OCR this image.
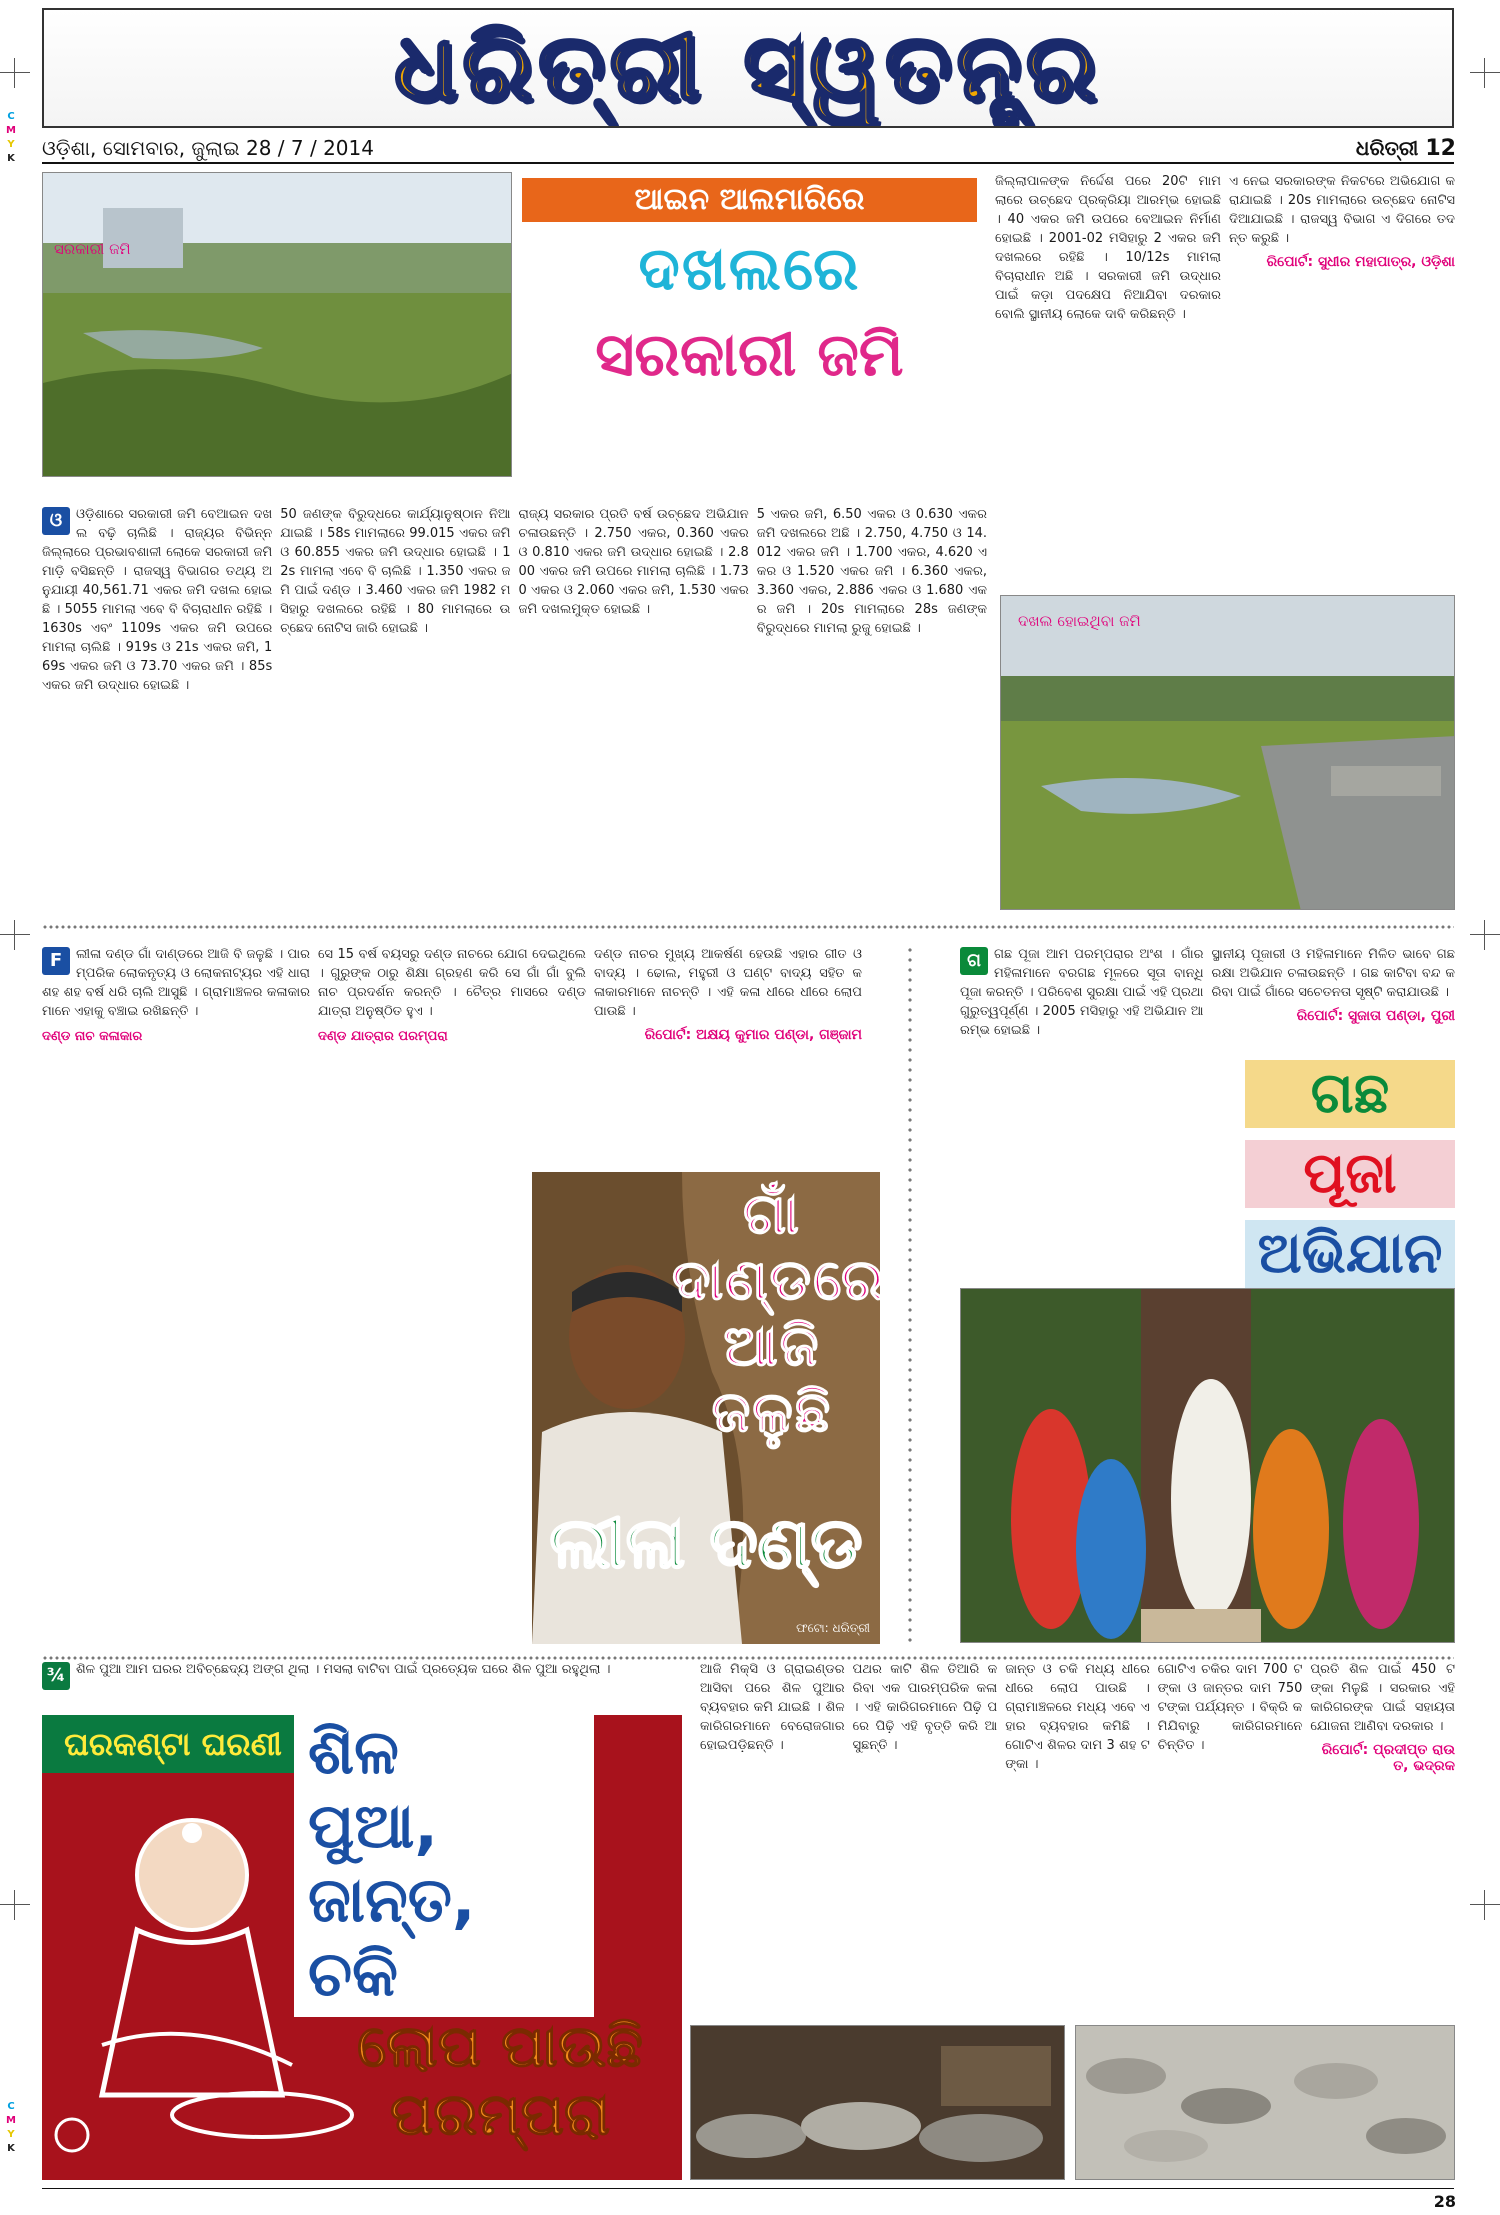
C
M
Y
K
C
M
Y
K
ଧରିତ୍ରୀ ସ୍ୱତନ୍ତ୍ର
ଓଡ଼ିଶା, ସୋମବାର, ଜୁଲାଇ 28 / 7 / 2014	ଧରିତ୍ରୀ 12
ସରକାରୀ ଜମି
ଆଇନ ଆଲମାରିରେ
ଦଖଲରେ
ସରକାରୀ ଜମି
ଓ	ଓଡ଼ିଶାରେ ସରକାରୀ ଜମି ବେଆଇନ ଦଖଲ ବଢ଼ି ଚାଲିଛି । ରାଜ୍ୟର ବିଭିନ୍ନ ଜିଲ୍ଲାରେ ପ୍ରଭାବଶାଳୀ ଲୋକେ ସରକାରୀ ଜମି ମାଡ଼ି ବସିଛନ୍ତି । ରାଜସ୍ୱ ବିଭାଗର ତଥ୍ୟ ଅନୁଯାୟୀ 40,561.71 ଏକର ଜମି ଦଖଲ ହୋଇଛି । 5055 ମାମଲା ଏବେ ବି ବିଚାରାଧୀନ ରହିଛି । 1630s ଏବଂ 1109s ଏକର ଜମି ଉପରେ ମାମଲା ଚାଲିଛି । 919s ଓ 21s ଏକର ଜମି, 169s ଏକର ଜମି ଓ 73.70 ଏକର ଜମି । 85s ଏକର ଜମି ଉଦ୍ଧାର ହୋଇଛି ।
50 ଜଣଙ୍କ ବିରୁଦ୍ଧରେ କାର୍ଯ୍ୟାନୁଷ୍ଠାନ ନିଆଯାଇଛି । 58s ମାମଲାରେ 99.015 ଏକର ଜମି ଓ 60.855 ଏକର ଜମି ଉଦ୍ଧାର ହୋଇଛି । 12s ମାମଲା ଏବେ ବି ଚାଲିଛି । 1.350 ଏକର ଜମି ପାଇଁ ଦଣ୍ଡ । 3.460 ଏକର ଜମି 1982 ମସିହାରୁ ଦଖଲରେ ରହିଛି । 80 ମାମଲାରେ ଉଚ୍ଛେଦ ନୋଟିସ ଜାରି ହୋଇଛି ।
ରାଜ୍ୟ ସରକାର ପ୍ରତି ବର୍ଷ ଉଚ୍ଛେଦ ଅଭିଯାନ ଚଳାଉଛନ୍ତି । 2.750 ଏକର, 0.360 ଏକର ଓ 0.810 ଏକର ଜମି ଉଦ୍ଧାର ହୋଇଛି । 2.800 ଏକର ଜମି ଉପରେ ମାମଲା ଚାଲିଛି । 1.730 ଏକର ଓ 2.060 ଏକର ଜମି, 1.530 ଏକର ଜମି ଦଖଲମୁକ୍ତ ହୋଇଛି ।
5 ଏକର ଜମି, 6.50 ଏକର ଓ 0.630 ଏକର ଜମି ଦଖଲରେ ଅଛି । 2.750, 4.750 ଓ 14.012 ଏକର ଜମି । 1.700 ଏକର, 4.620 ଏକର ଓ 1.520 ଏକର ଜମି । 6.360 ଏକର, 3.360 ଏକର, 2.886 ଏକର ଓ 1.680 ଏକର ଜମି । 20s ମାମଲାରେ 28s ଜଣଙ୍କ ବିରୁଦ୍ଧରେ ମାମଲା ରୁଜୁ ହୋଇଛି ।
ଜିଲ୍ଲାପାଳଙ୍କ ନିର୍ଦ୍ଦେଶ ପରେ 20ଟି ମାମଲାରେ ଉଚ୍ଛେଦ ପ୍ରକ୍ରିୟା ଆରମ୍ଭ ହୋଇଛି । 40 ଏକର ଜମି ଉପରେ ବେଆଇନ ନିର୍ମାଣ ହୋଇଛି । 2001-02 ମସିହାରୁ 2 ଏକର ଜମି ଦଖଲରେ ରହିଛି । 10/12s ମାମଲା ବିଚାରାଧୀନ ଅଛି । ସରକାରୀ ଜମି ଉଦ୍ଧାର ପାଇଁ କଡ଼ା ପଦକ୍ଷେପ ନିଆଯିବା ଦରକାର ବୋଲି ସ୍ଥାନୀୟ ଲୋକେ ଦାବି କରିଛନ୍ତି ।
ଏ ନେଇ ସରକାରଙ୍କ ନିକଟରେ ଅଭିଯୋଗ କରାଯାଇଛି । 20s ମାମଲାରେ ଉଚ୍ଛେଦ ନୋଟିସ ଦିଆଯାଇଛି । ରାଜସ୍ୱ ବିଭାଗ ଏ ଦିଗରେ ତଦନ୍ତ କରୁଛି ।
ରିପୋର୍ଟ: ସୁଧୀର ମହାପାତ୍ର, ଓଡ଼ିଶା
ଦଖଲ ହୋଇଥିବା ଜମି
F	ଲୀଳା ଦଣ୍ଡ ଗାଁ ଦାଣ୍ଡରେ ଆଜି ବି ଜଳୁଛି । ପାରମ୍ପରିକ ଲୋକନୃତ୍ୟ ଓ ଲୋକନାଟ୍ୟର ଏହି ଧାରା ଶହ ଶହ ବର୍ଷ ଧରି ଚାଲି ଆସୁଛି । ଗ୍ରାମାଞ୍ଚଳର କଳାକାରମାନେ ଏହାକୁ ବଞ୍ଚାଇ ରଖିଛନ୍ତି ।
ଦଣ୍ଡ ନାଚ କଳାକାର
ସେ 15 ବର୍ଷ ବୟସରୁ ଦଣ୍ଡ ନାଚରେ ଯୋଗ ଦେଇଥିଲେ । ଗୁରୁଙ୍କ ଠାରୁ ଶିକ୍ଷା ଗ୍ରହଣ କରି ସେ ଗାଁ ଗାଁ ବୁଲି ନାଚ ପ୍ରଦର୍ଶନ କରନ୍ତି । ଚୈତ୍ର ମାସରେ ଦଣ୍ଡ ଯାତ୍ରା ଅନୁଷ୍ଠିତ ହୁଏ ।
ଦଣ୍ଡ ଯାତ୍ରାର ପରମ୍ପରା
ଦଣ୍ଡ ନାଚର ମୁଖ୍ୟ ଆକର୍ଷଣ ହେଉଛି ଏହାର ଗୀତ ଓ ବାଦ୍ୟ । ଢୋଲ, ମହୁରୀ ଓ ଘଣ୍ଟ ବାଦ୍ୟ ସହିତ କଳାକାରମାନେ ନାଚନ୍ତି । ଏହି କଳା ଧୀରେ ଧୀରେ ଲୋପ ପାଉଛି ।
ରିପୋର୍ଟ: ଅକ୍ଷୟ କୁମାର ପଣ୍ଡା, ଗଞ୍ଜାମ
ଗାଁ
ଦାଣ୍ଡରେ
ଆଜି
ଜଳୁଛି
ଲୀଳା ଦଣ୍ଡ
ଫଟୋ: ଧରିତ୍ରୀ
ଗ	ଗଛ ପୂଜା ଆମ ପରମ୍ପରାର ଅଂଶ । ଗାଁର ମହିଳାମାନେ ବରଗଛ ମୂଳରେ ସୂତା ବାନ୍ଧି ପୂଜା କରନ୍ତି । ପରିବେଶ ସୁରକ୍ଷା ପାଇଁ ଏହି ପ୍ରଥା ଗୁରୁତ୍ୱପୂର୍ଣ୍ଣ । 2005 ମସିହାରୁ ଏହି ଅଭିଯାନ ଆରମ୍ଭ ହୋଇଛି ।
ସ୍ଥାନୀୟ ପୂଜାରୀ ଓ ମହିଳାମାନେ ମିଳିତ ଭାବେ ଗଛ ରକ୍ଷା ଅଭିଯାନ ଚଳାଉଛନ୍ତି । ଗଛ କାଟିବା ବନ୍ଦ କରିବା ପାଇଁ ଗାଁରେ ସଚେତନତା ସୃଷ୍ଟି କରାଯାଉଛି ।
ରିପୋର୍ଟ: ସୁଜାତା ପଣ୍ଡା, ପୁରୀ
ଗଛ
ପୂଜା
ଅଭିଯାନ
ଘରକଣ୍ଟା ଘରଣୀ ଶିଳ
ପୁଆ,
ଜାନ୍ତ,
ଚକି
ଲୋପ ପାଉଛି
ପରମ୍ପରା
¾ ଶିଳ ପୁଆ ଆମ ଘରର ଅବିଚ୍ଛେଦ୍ୟ ଅଙ୍ଗ ଥିଲା । ମସଲା ବାଟିବା ପାଇଁ ପ୍ରତ୍ୟେକ ଘରେ ଶିଳ ପୁଆ ରହୁଥିଲା ।	ଆଜି ମିକ୍ସି ଓ ଗ୍ରାଇଣ୍ଡର ଆସିବା ପରେ ଶିଳ ପୁଆର ବ୍ୟବହାର କମି ଯାଇଛି । ଶିଳ କାରିଗରମାନେ ବେରୋଜଗାର ହୋଇପଡ଼ିଛନ୍ତି ।
ପଥର କାଟି ଶିଳ ତିଆରି କରିବା ଏକ ପାରମ୍ପରିକ କଳା । ଏହି କାରିଗରମାନେ ପିଢ଼ି ପରେ ପିଢ଼ି ଏହି ବୃତ୍ତି କରି ଆସୁଛନ୍ତି ।
ଜାନ୍ତ ଓ ଚକି ମଧ୍ୟ ଧୀରେ ଧୀରେ ଲୋପ ପାଉଛି । ଗ୍ରାମାଞ୍ଚଳରେ ମଧ୍ୟ ଏବେ ଏହାର ବ୍ୟବହାର କମିଛି । ଗୋଟିଏ ଶିଳର ଦାମ 3 ଶହ ଟଙ୍କା ।
ଗୋଟିଏ ଚକିର ଦାମ 700 ଟଙ୍କା ଓ ଜାନ୍ତର ଦାମ 750 ଟଙ୍କା ପର୍ଯ୍ୟନ୍ତ । ବିକ୍ରି କମିଯିବାରୁ କାରିଗରମାନେ ଚିନ୍ତିତ ।
ପ୍ରତି ଶିଳ ପାଇଁ 450 ଟଙ୍କା ମିଳୁଛି । ସରକାର ଏହି କାରିଗରଙ୍କ ପାଇଁ ସହାୟତା ଯୋଜନା ଆଣିବା ଦରକାର ।
ରିପୋର୍ଟ: ପ୍ରଦୀପ୍ତ ରାଉତ, ଭଦ୍ରକ
28
